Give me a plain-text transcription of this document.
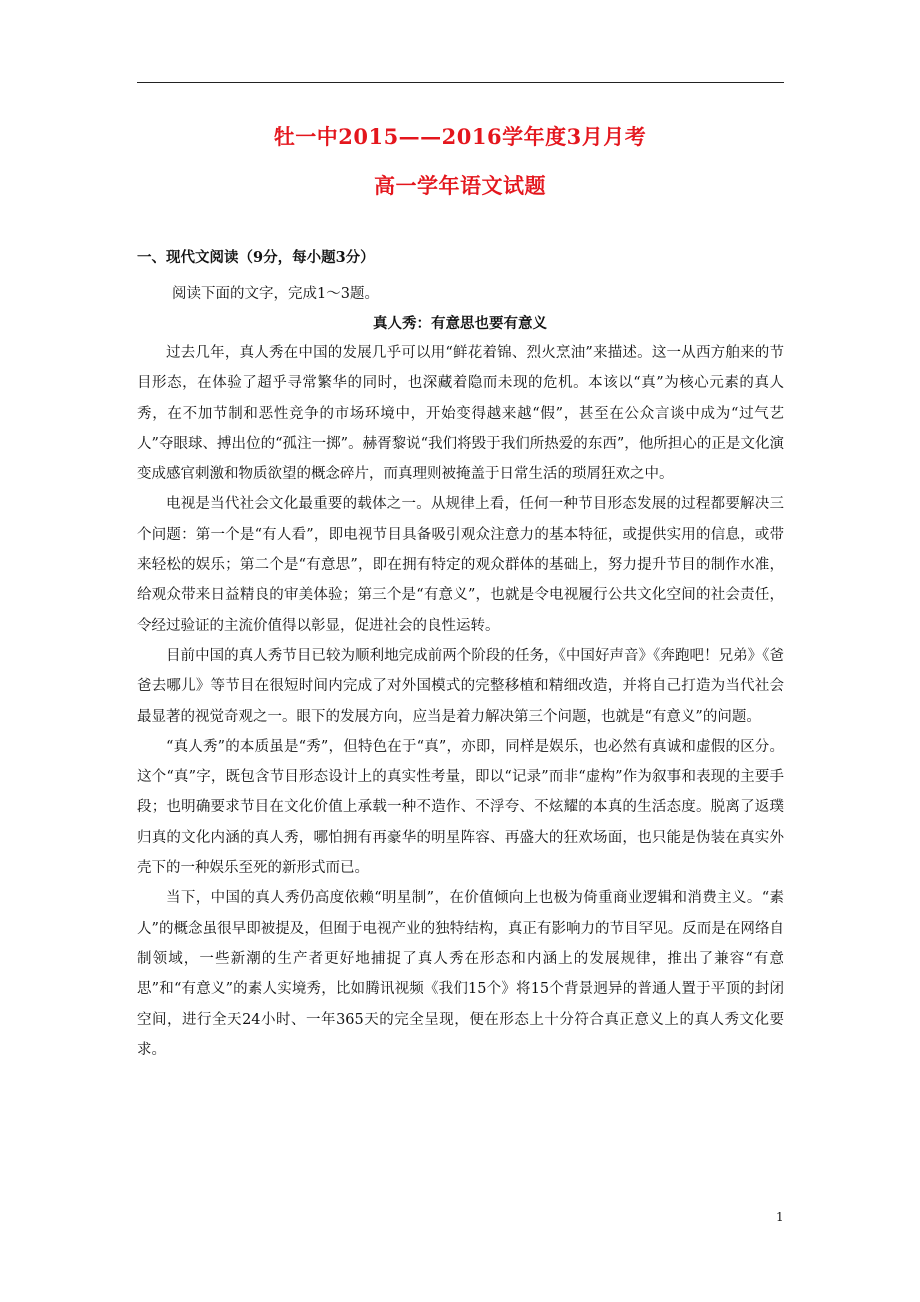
牡一中2015——2016学年度3月月考
高一学年语文试题
一、现代文阅读（9分，每小题3分）
阅读下面的文字，完成1～3题。
真人秀：有意思也要有意义

过去几年，真人秀在中国的发展几乎可以用“鲜花着锦、烈火烹油”来描述。这一从西方舶来的节目形态，在体验了超乎寻常繁华的同时，也深藏着隐而未现的危机。本该以“真”为核心元素的真人秀，在不加节制和恶性竞争的市场环境中，开始变得越来越“假”，甚至在公众言谈中成为“过气艺人”夺眼球、搏出位的“孤注一掷”。赫胥黎说“我们将毁于我们所热爱的东西”，他所担心的正是文化演变成感官刺激和物质欲望的概念碎片，而真理则被掩盖于日常生活的琐屑狂欢之中。

电视是当代社会文化最重要的载体之一。从规律上看，任何一种节目形态发展的过程都要解决三个问题：第一个是“有人看”，即电视节目具备吸引观众注意力的基本特征，或提供实用的信息，或带来轻松的娱乐；第二个是“有意思”，即在拥有特定的观众群体的基础上，努力提升节目的制作水准，给观众带来日益精良的审美体验；第三个是“有意义”，也就是令电视履行公共文化空间的社会责任，令经过验证的主流价值得以彰显，促进社会的良性运转。

目前中国的真人秀节目已较为顺利地完成前两个阶段的任务，《中国好声音》《奔跑吧！兄弟》《爸爸去哪儿》等节目在很短时间内完成了对外国模式的完整移植和精细改造，并将自己打造为当代社会最显著的视觉奇观之一。眼下的发展方向，应当是着力解决第三个问题，也就是“有意义”的问题。

“真人秀”的本质虽是“秀”，但特色在于“真”，亦即，同样是娱乐，也必然有真诚和虚假的区分。这个“真”字，既包含节目形态设计上的真实性考量，即以“记录”而非“虚构”作为叙事和表现的主要手段；也明确要求节目在文化价值上承载一种不造作、不浮夸、不炫耀的本真的生活态度。脱离了返璞归真的文化内涵的真人秀，哪怕拥有再豪华的明星阵容、再盛大的狂欢场面，也只能是伪装在真实外壳下的一种娱乐至死的新形式而已。

当下，中国的真人秀仍高度依赖“明星制”，在价值倾向上也极为倚重商业逻辑和消费主义。“素人”的概念虽很早即被提及，但囿于电视产业的独特结构，真正有影响力的节目罕见。反而是在网络自制领域，一些新潮的生产者更好地捕捉了真人秀在形态和内涵上的发展规律，推出了兼容“有意思”和“有意义”的素人实境秀，比如腾讯视频《我们15个》将15个背景迥异的普通人置于平顶的封闭空间，进行全天24小时、一年365天的完全呈现，便在形态上十分符合真正意义上的真人秀文化要求。

1
